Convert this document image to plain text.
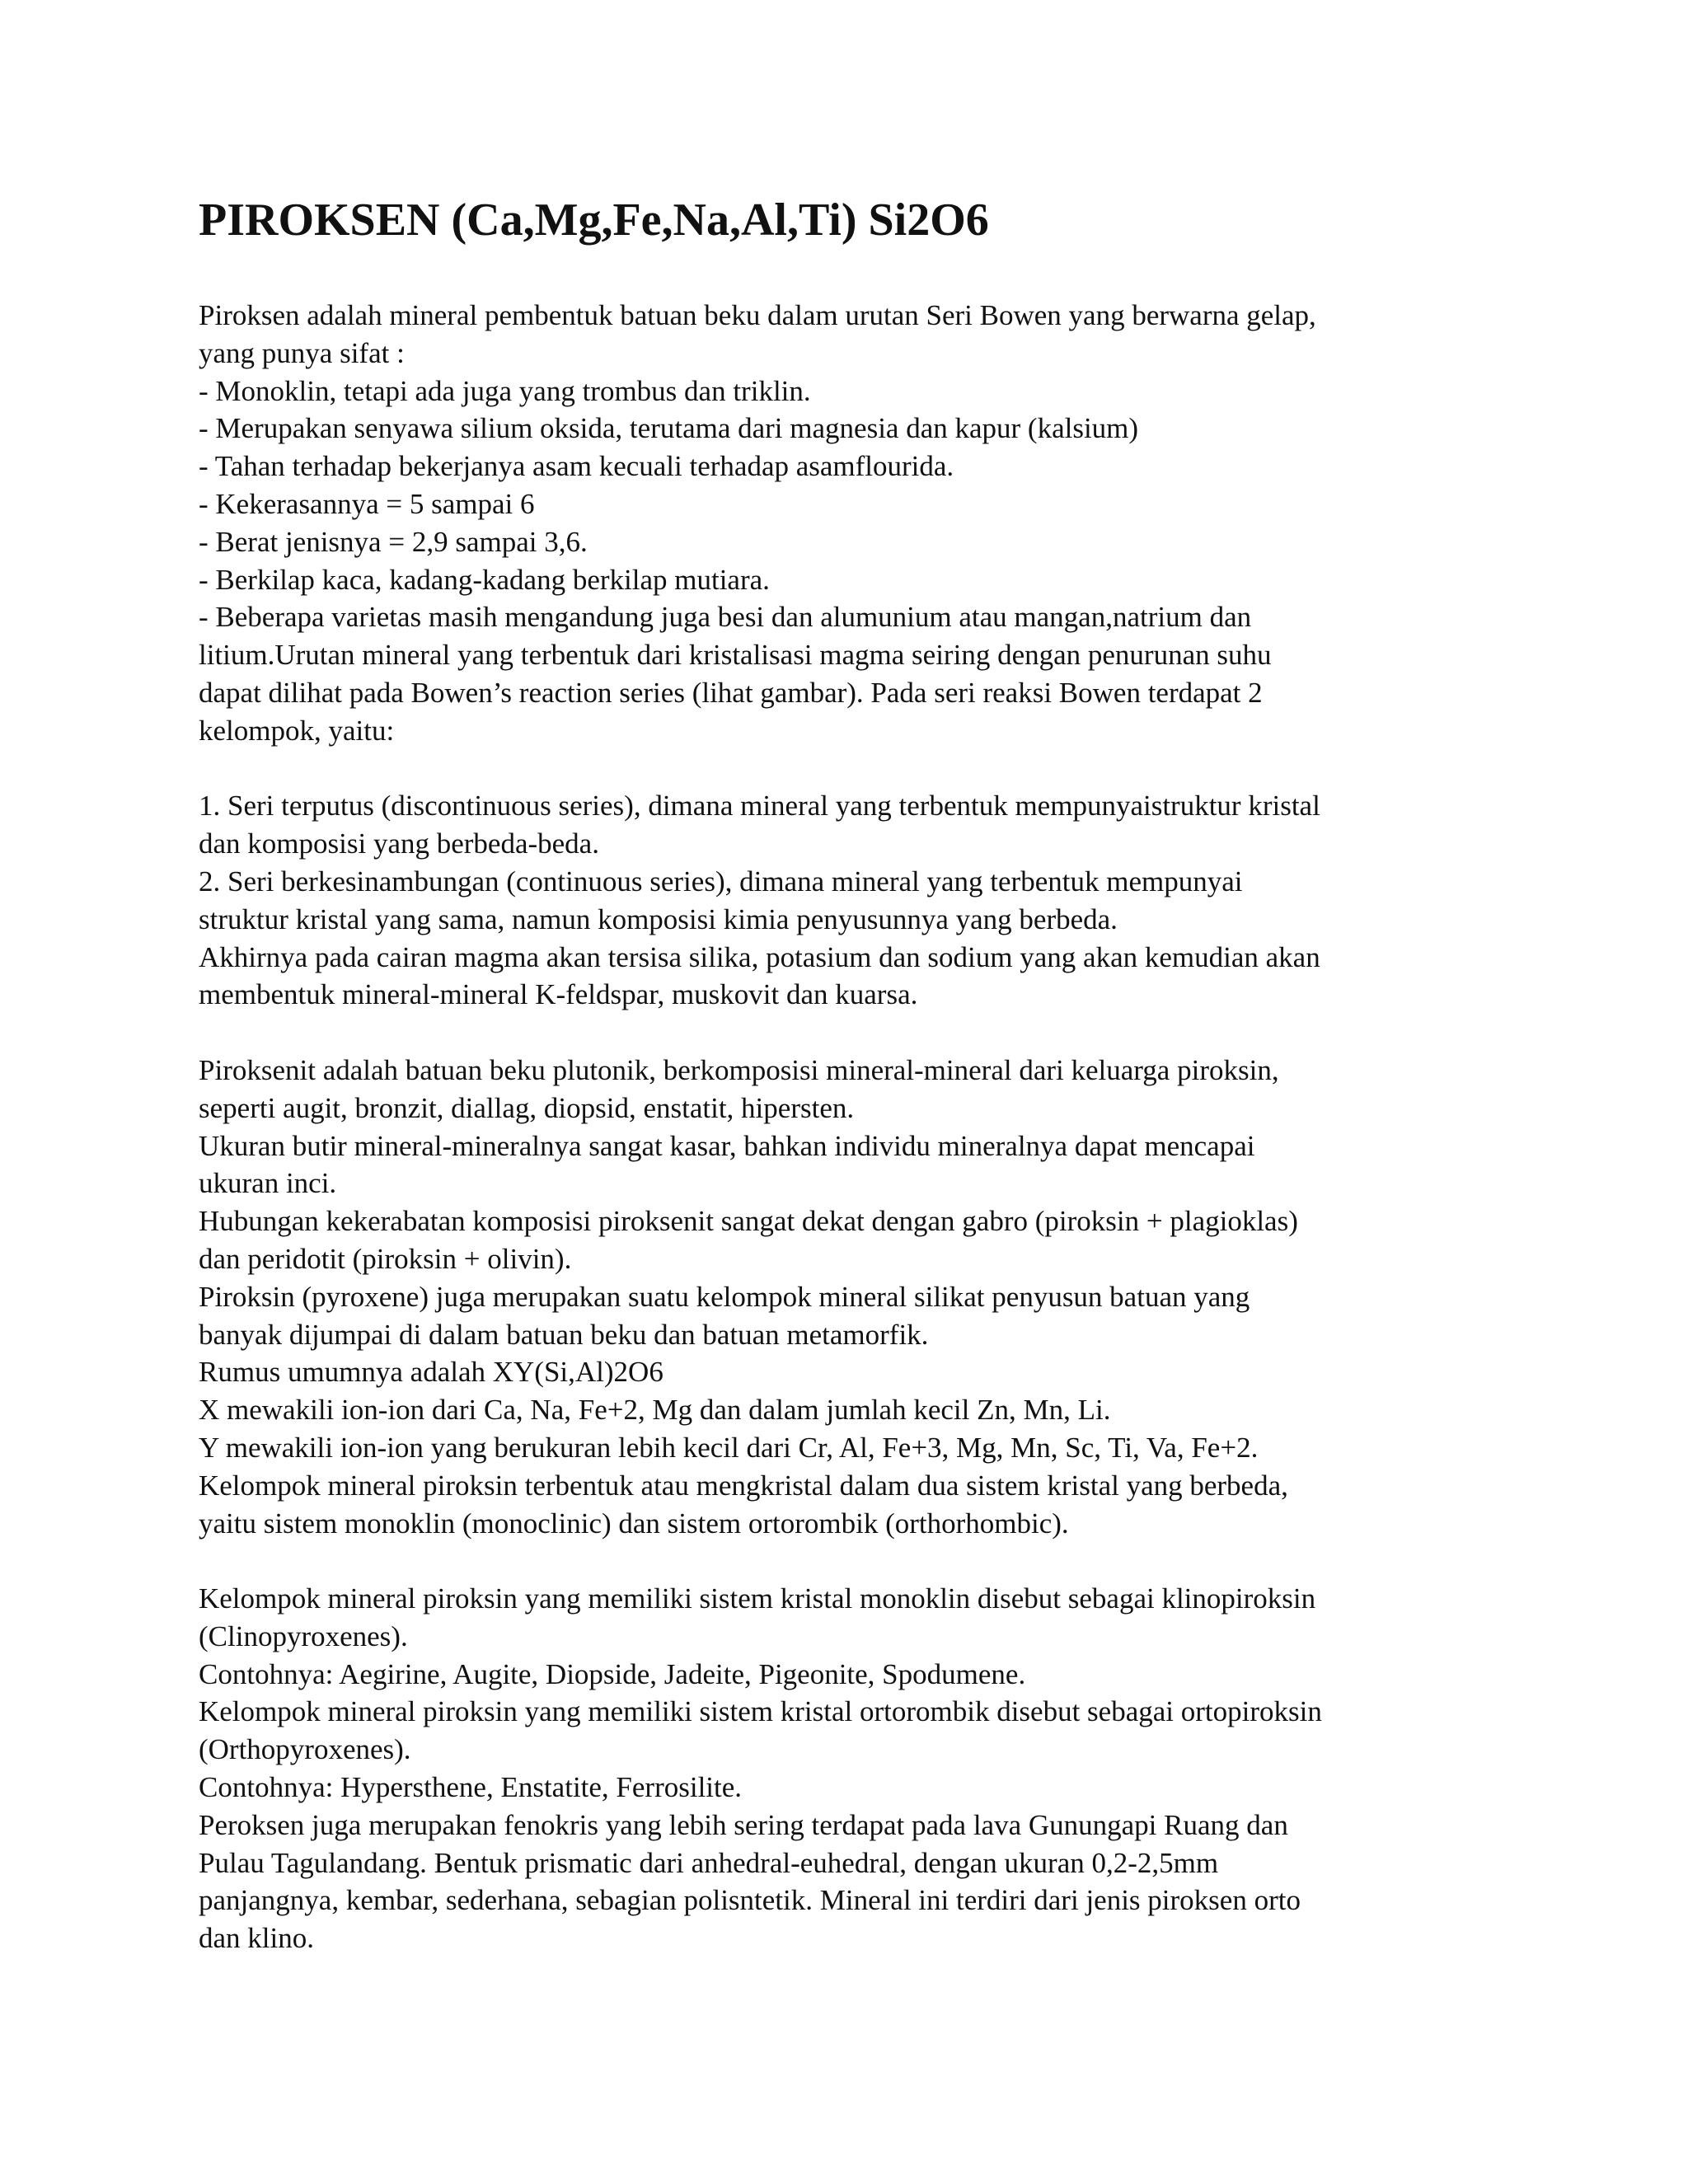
PIROKSEN (Ca,Mg,Fe,Na,Al,Ti) Si2O6

Piroksen adalah mineral pembentuk batuan beku dalam urutan Seri Bowen yang berwarna gelap,
yang punya sifat :
- Monoklin, tetapi ada juga yang trombus dan triklin.
- Merupakan senyawa silium oksida, terutama dari magnesia dan kapur (kalsium)
- Tahan terhadap bekerjanya asam kecuali terhadap asamflourida.
- Kekerasannya = 5 sampai 6
- Berat jenisnya = 2,9 sampai 3,6.
- Berkilap kaca, kadang-kadang berkilap mutiara.
- Beberapa varietas masih mengandung juga besi dan alumunium atau mangan,natrium dan
litium.Urutan mineral yang terbentuk dari kristalisasi magma seiring dengan penurunan suhu
dapat dilihat pada Bowen’s reaction series (lihat gambar). Pada seri reaksi Bowen terdapat 2
kelompok, yaitu:

1. Seri terputus (discontinuous series), dimana mineral yang terbentuk mempunyaistruktur kristal
dan komposisi yang berbeda-beda.
2. Seri berkesinambungan (continuous series), dimana mineral yang terbentuk mempunyai
struktur kristal yang sama, namun komposisi kimia penyusunnya yang berbeda.
Akhirnya pada cairan magma akan tersisa silika, potasium dan sodium yang akan kemudian akan
membentuk mineral-mineral K-feldspar, muskovit dan kuarsa.

Piroksenit adalah batuan beku plutonik, berkomposisi mineral-mineral dari keluarga piroksin,
seperti augit, bronzit, diallag, diopsid, enstatit, hipersten.
Ukuran butir mineral-mineralnya sangat kasar, bahkan individu mineralnya dapat mencapai
ukuran inci.
Hubungan kekerabatan komposisi piroksenit sangat dekat dengan gabro (piroksin + plagioklas)
dan peridotit (piroksin + olivin).
Piroksin (pyroxene) juga merupakan suatu kelompok mineral silikat penyusun batuan yang
banyak dijumpai di dalam batuan beku dan batuan metamorfik.
Rumus umumnya adalah XY(Si,Al)2O6
X mewakili ion-ion dari Ca, Na, Fe+2, Mg dan dalam jumlah kecil Zn, Mn, Li.
Y mewakili ion-ion yang berukuran lebih kecil dari Cr, Al, Fe+3, Mg, Mn, Sc, Ti, Va, Fe+2.
Kelompok mineral piroksin terbentuk atau mengkristal dalam dua sistem kristal yang berbeda,
yaitu sistem monoklin (monoclinic) dan sistem ortorombik (orthorhombic).

Kelompok mineral piroksin yang memiliki sistem kristal monoklin disebut sebagai klinopiroksin
(Clinopyroxenes).
Contohnya: Aegirine, Augite, Diopside, Jadeite, Pigeonite, Spodumene.
Kelompok mineral piroksin yang memiliki sistem kristal ortorombik disebut sebagai ortopiroksin
(Orthopyroxenes).
Contohnya: Hypersthene, Enstatite, Ferrosilite.
Peroksen juga merupakan fenokris yang lebih sering terdapat pada lava Gunungapi Ruang dan
Pulau Tagulandang. Bentuk prismatic dari anhedral-euhedral, dengan ukuran 0,2-2,5mm
panjangnya, kembar, sederhana, sebagian polisntetik. Mineral ini terdiri dari jenis piroksen orto
dan klino.
